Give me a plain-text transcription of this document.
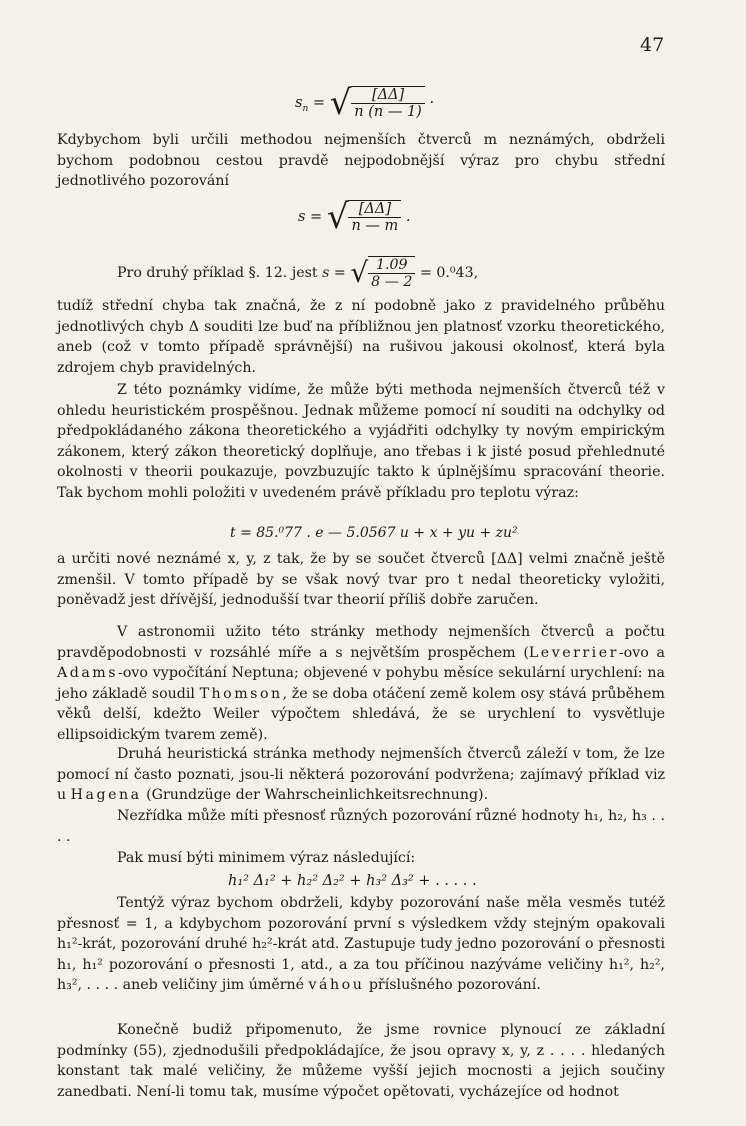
47
$s_n$ = √ $\frac{[\Delta\Delta]}{n (n — 1)}$ ·
Kdybychom byli určili methodou nejmenších čtverců m neznámých, obdrželi bychom podobnou cestou pravdě nejpodobnější výraz pro chybu střední jednotlivého pozorování
s = √ $\frac{[\Delta\Delta]}{n — m}$ .
Pro druhý příklad §. 12. jest s = √ $\frac{1.09}{8 — 2} = 0.^043$,
tudíž střední chyba tak značná, že z ní podobně jako z pravidelného průběhu jednotlivých chyb Δ souditi lze buď na příbližnou jen platnosť vzorku theoretického, aneb (což v tomto případě správnější) na rušivou jakousi okolnosť, která byla zdrojem chyb pravidelných.
Z této poznámky vidíme, že může býti methoda nejmenších čtverců též v ohledu heuristickém prospěšnou. Jednak můžeme pomocí ní souditi na odchylky od předpokládaného zákona theoretického a vyjádřiti odchylky ty novým empirickým zákonem, který zákon theoretický doplňuje, ano třebas i k jisté posud přehlednuté okolnosti v theorii poukazuje, povzbuzujíc takto k úplnějšímu spracování theorie. Tak bychom mohli položiti v uvedeném právě příkladu pro teplotu výraz:
t = 85.⁰77 . e — 5.0567 u + x + yu + zu²
a určiti nové neznámé x, y, z tak, že by se součet čtverců [ΔΔ] velmi značně ještě zmenšil. V tomto případě by se však nový tvar pro t nedal theoreticky vyložiti, poněvadž jest dřívější, jednodušší tvar theorií příliš dobře zaručen.
V astronomii užito této stránky methody nejmenších čtverců a počtu pravděpodobnosti v rozsáhlé míře a s největším prospěchem (Leverrier-ovo a Adams-ovo vypočítání Neptuna; objevené v pohybu měsíce sekulární urychlení: na jeho základě soudil Thomson, že se doba otáčení země kolem osy stává průběhem věků delší, kdežto Weiler výpočtem shledává, že se urychlení to vysvětluje ellipsoidickým tvarem země).
Druhá heuristická stránka methody nejmenších čtverců záleží v tom, že lze pomocí ní často poznati, jsou-li některá pozorování podvržena; zajímavý příklad viz u Hagena (Grundzüge der Wahrscheinlichkeitsrechnung).
Nezřídka může míti přesnosť různých pozorování různé hodnoty h₁, h₂, h₃ . . . .
Pak musí býti minimem výraz následující:
h₁² Δ₁² + h₂² Δ₂² + h₃² Δ₃² + . . . . .
Tentýž výraz bychom obdrželi, kdyby pozorování naše měla vesměs tutéž přesnosť = 1, a kdybychom pozorování první s výsledkem vždy stejným opakovali h₁²-krát, pozorování druhé h₂²-krát atd. Zastupuje tudy jedno pozorování o přesnosti h₁, h₁² pozorování o přesnosti 1, atd., a za tou příčinou nazýváme veličiny h₁², h₂², h₃², . . . . aneb veličiny jim úměrné váhou příslušného pozorování.
Konečně budiž připomenuto, že jsme rovnice plynoucí ze základní podmínky (55), zjednodušili předpokládajíce, že jsou opravy x, y, z . . . . hledaných konstant tak malé veličiny, že můžeme vyšší jejich mocnosti a jejich součiny zanedbati. Není-li tomu tak, musíme výpočet opětovati, vycházejíce od hodnot
